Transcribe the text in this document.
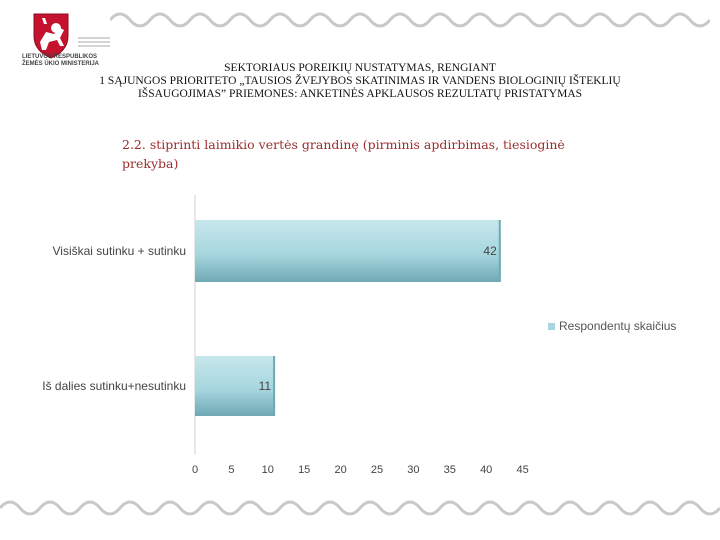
LIETUVOS RESPUBLIKOS
ŽEMĖS ŪKIO MINISTERIJA	SEKTORIAUS POREIKIŲ NUSTATYMAS, RENGIANT
1 SĄJUNGOS PRIORITETO „TAUSIOS ŽVEJYBOS SKATINIMAS IR VANDENS BIOLOGINIŲ IŠTEKLIŲ
IŠSAUGOJIMAS” PRIEMONES: ANKETINĖS APKLAUSOS REZULTATŲ PRISTATYMAS
2.2. stiprinti laimikio vertės grandinę (pirminis apdirbimas, tiesioginė
prekyba)
42
Visiškai sutinku + sutinku
11
Iš dalies sutinku+nesutinku
0	5 10 15 20 25 30 35 40 45
Respondentų skaičius
